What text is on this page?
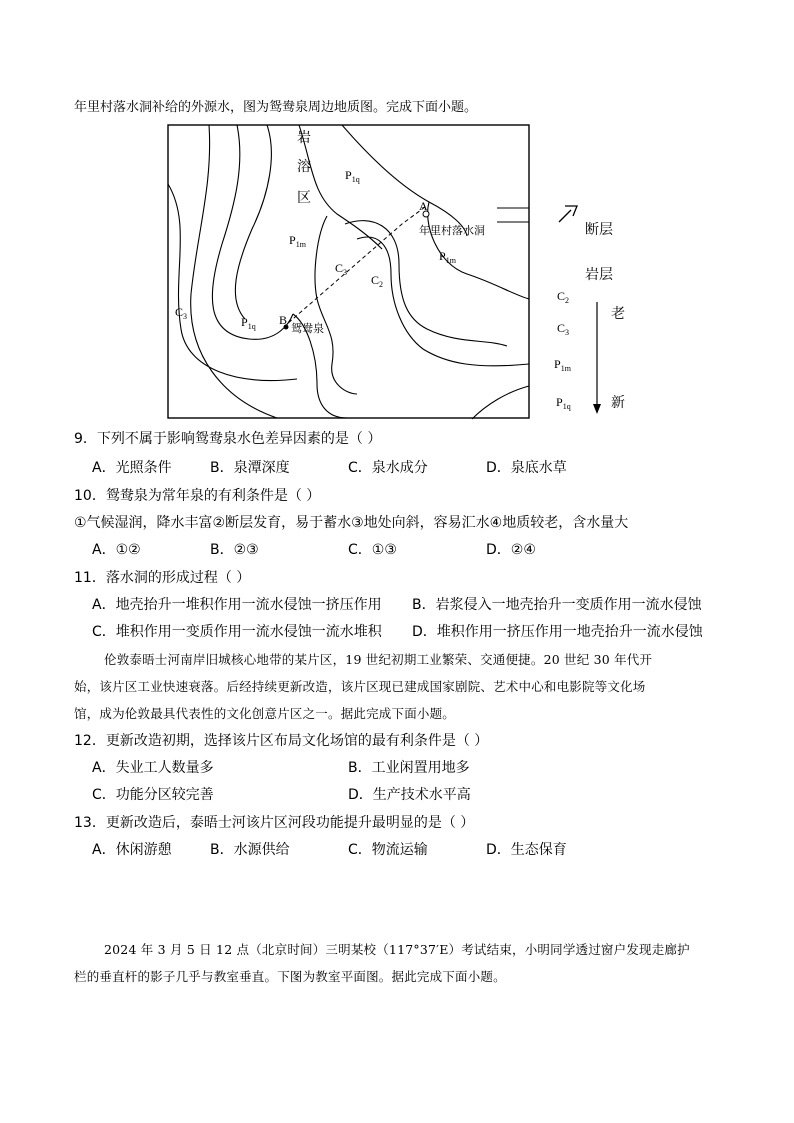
年里村落水洞补给的外源水，图为鸳鸯泉周边地质图。完成下面小题。
岩
溶
区
$P_{1q}$
$P_{1m}$
$P_{1m}$
$C_3$
$C_2$
$C_3$	$P_{1q}$
A
B
年里村落水洞
鸳鸯泉
断层
岩层
老
新
$C_2$
$C_3$
$P_{1m}$
$P_{1q}$
9．下列不属于影响鸳鸯泉水色差异因素的是（ ）
A．光照条件	B．泉潭深度	C．泉水成分	D．泉底水草
10．鸳鸯泉为常年泉的有利条件是（ ）
①气候湿润，降水丰富②断层发育，易于蓄水③地处向斜，容易汇水④地质较老，含水量大
A．①②	B．②③	C．①③	D．②④
11．落水洞的形成过程（ ）
A．地壳抬升一堆积作用一流水侵蚀一挤压作用 B．岩浆侵入一地壳抬升一变质作用一流水侵蚀
C．堆积作用一变质作用一流水侵蚀一流水堆积 D．堆积作用一挤压作用一地壳抬升一流水侵蚀
伦敦泰晤士河南岸旧城核心地带的某片区，19 世纪初期工业繁荣、交通便捷。20 世纪 30 年代开
始，该片区工业快速衰落。后经持续更新改造，该片区现已建成国家剧院、艺术中心和电影院等文化场
馆，成为伦敦最具代表性的文化创意片区之一。据此完成下面小题。
12．更新改造初期，选择该片区布局文化场馆的最有利条件是（ ）
A．失业工人数量多	B．工业闲置用地多
C．功能分区较完善	D．生产技术水平高
13．更新改造后，泰晤士河该片区河段功能提升最明显的是（ ）
A．休闲游憩	B．水源供给	C．物流运输	D．生态保育
2024 年 3 月 5 日 12 点（北京时间）三明某校（117°37′E）考试结束，小明同学透过窗户发现走廊护
栏的垂直杆的影子几乎与教室垂直。下图为教室平面图。据此完成下面小题。
